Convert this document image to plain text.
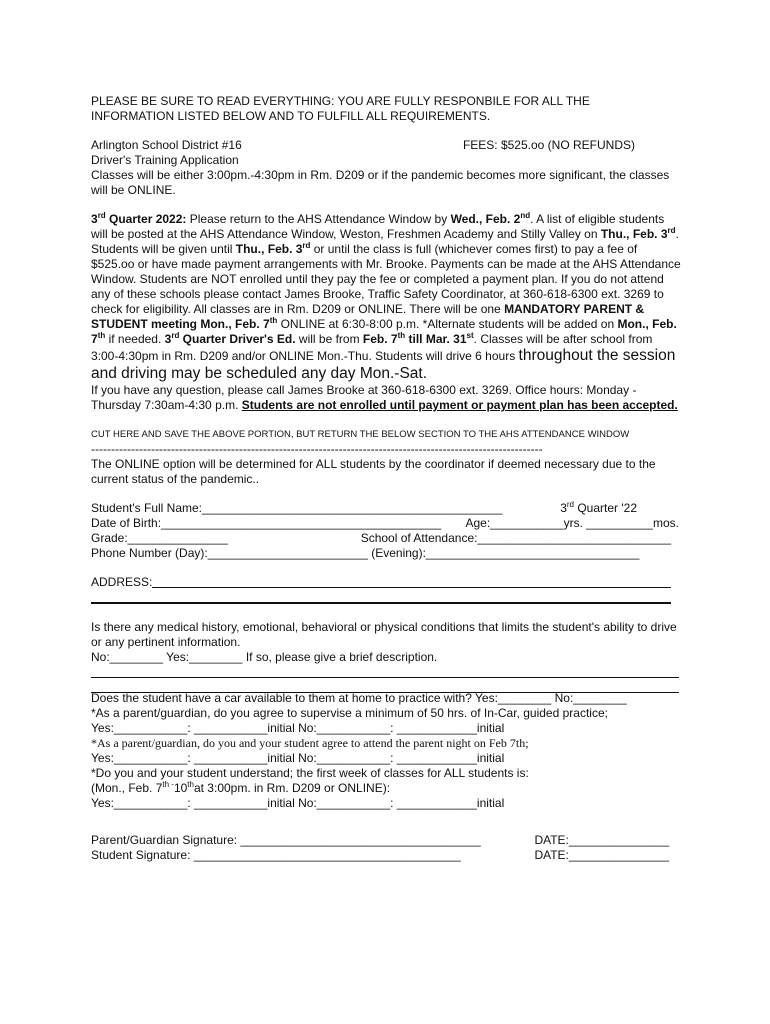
PLEASE BE SURE TO READ EVERYTHING: YOU ARE FULLY RESPONBILE FOR ALL THE

INFORMATION LISTED BELOW AND TO FULFILL ALL REQUIREMENTS.

Arlington School District #16	FEES: $525.oo (NO REFUNDS)

Driver's Training Application

Classes will be either 3:00pm.-4:30pm in Rm. D209 or if the pandemic becomes more significant, the classes will be ONLINE.

3rd Quarter 2022: Please return to the AHS Attendance Window by Wed., Feb. 2nd. A list of eligible students will be posted at the AHS Attendance Window, Weston, Freshmen Academy and Stilly Valley on Thu., Feb. 3rd. Students will be given until Thu., Feb. 3rd or until the class is full (whichever comes first) to pay a fee of $525.oo or have made payment arrangements with Mr. Brooke. Payments can be made at the AHS Attendance Window. Students are NOT enrolled until they pay the fee or completed a payment plan. If you do not attend any of these schools please contact James Brooke, Traffic Safety Coordinator, at 360-618-6300 ext. 3269 to check for eligibility. All classes are in Rm. D209 or ONLINE. There will be one MANDATORY PARENT & STUDENT meeting Mon., Feb. 7th ONLINE at 6:30-8:00 p.m. *Alternate students will be added on Mon., Feb. 7th if needed. 3rd Quarter Driver's Ed. will be from Feb. 7th till Mar. 31st. Classes will be after school from 3:00-4:30pm in Rm. D209 and/or ONLINE Mon.-Thu. Students will drive 6 hours throughout the session and driving may be scheduled any day Mon.-Sat.

If you have any question, please call James Brooke at 360-618-6300 ext. 3269. Office hours: Monday - Thursday 7:30am-4:30 p.m. Students are not enrolled until payment or payment plan has been accepted.

CUT HERE AND SAVE THE ABOVE PORTION, BUT RETURN THE BELOW SECTION TO THE AHS ATTENDANCE WINDOW

-----------------------------------------------------------------------------------------------------------------

The ONLINE option will be determined for ALL students by the coordinator if deemed necessary due to the current status of the pandemic..

Student's Full Name:_____________________________________________	3rd Quarter '22
Date of Birth:__________________________________________ Age:___________yrs. __________mos.
Grade:_______________	School of Attendance:_____________________________

Phone Number (Day):________________________ (Evening):________________________________

ADDRESS:

Is there any medical history, emotional, behavioral or physical conditions that limits the student's ability to drive or any pertinent information.

No:________ Yes:________ If so, please give a brief description.

Does the student have a car available to them at home to practice with? Yes:________ No:________

*As a parent/guardian, do you agree to supervise a minimum of 50 hrs. of In-Car, guided practice;

Yes:___________: ___________initial No:___________: ____________initial

*As a parent/guardian, do you and your student agree to attend the parent night on Feb 7th;

Yes:___________: ___________initial No:___________: ____________initial

*Do you and your student understand; the first week of classes for ALL students is:

(Mon., Feb. $7^{th -}10that$ 3:00pm. in Rm. D209 or ONLINE):

Yes:___________: ___________initial No:___________: ____________initial

Parent/Guardian Signature: ____________________________________	DATE:_______________
Student Signature: ________________________________________	DATE:_______________
